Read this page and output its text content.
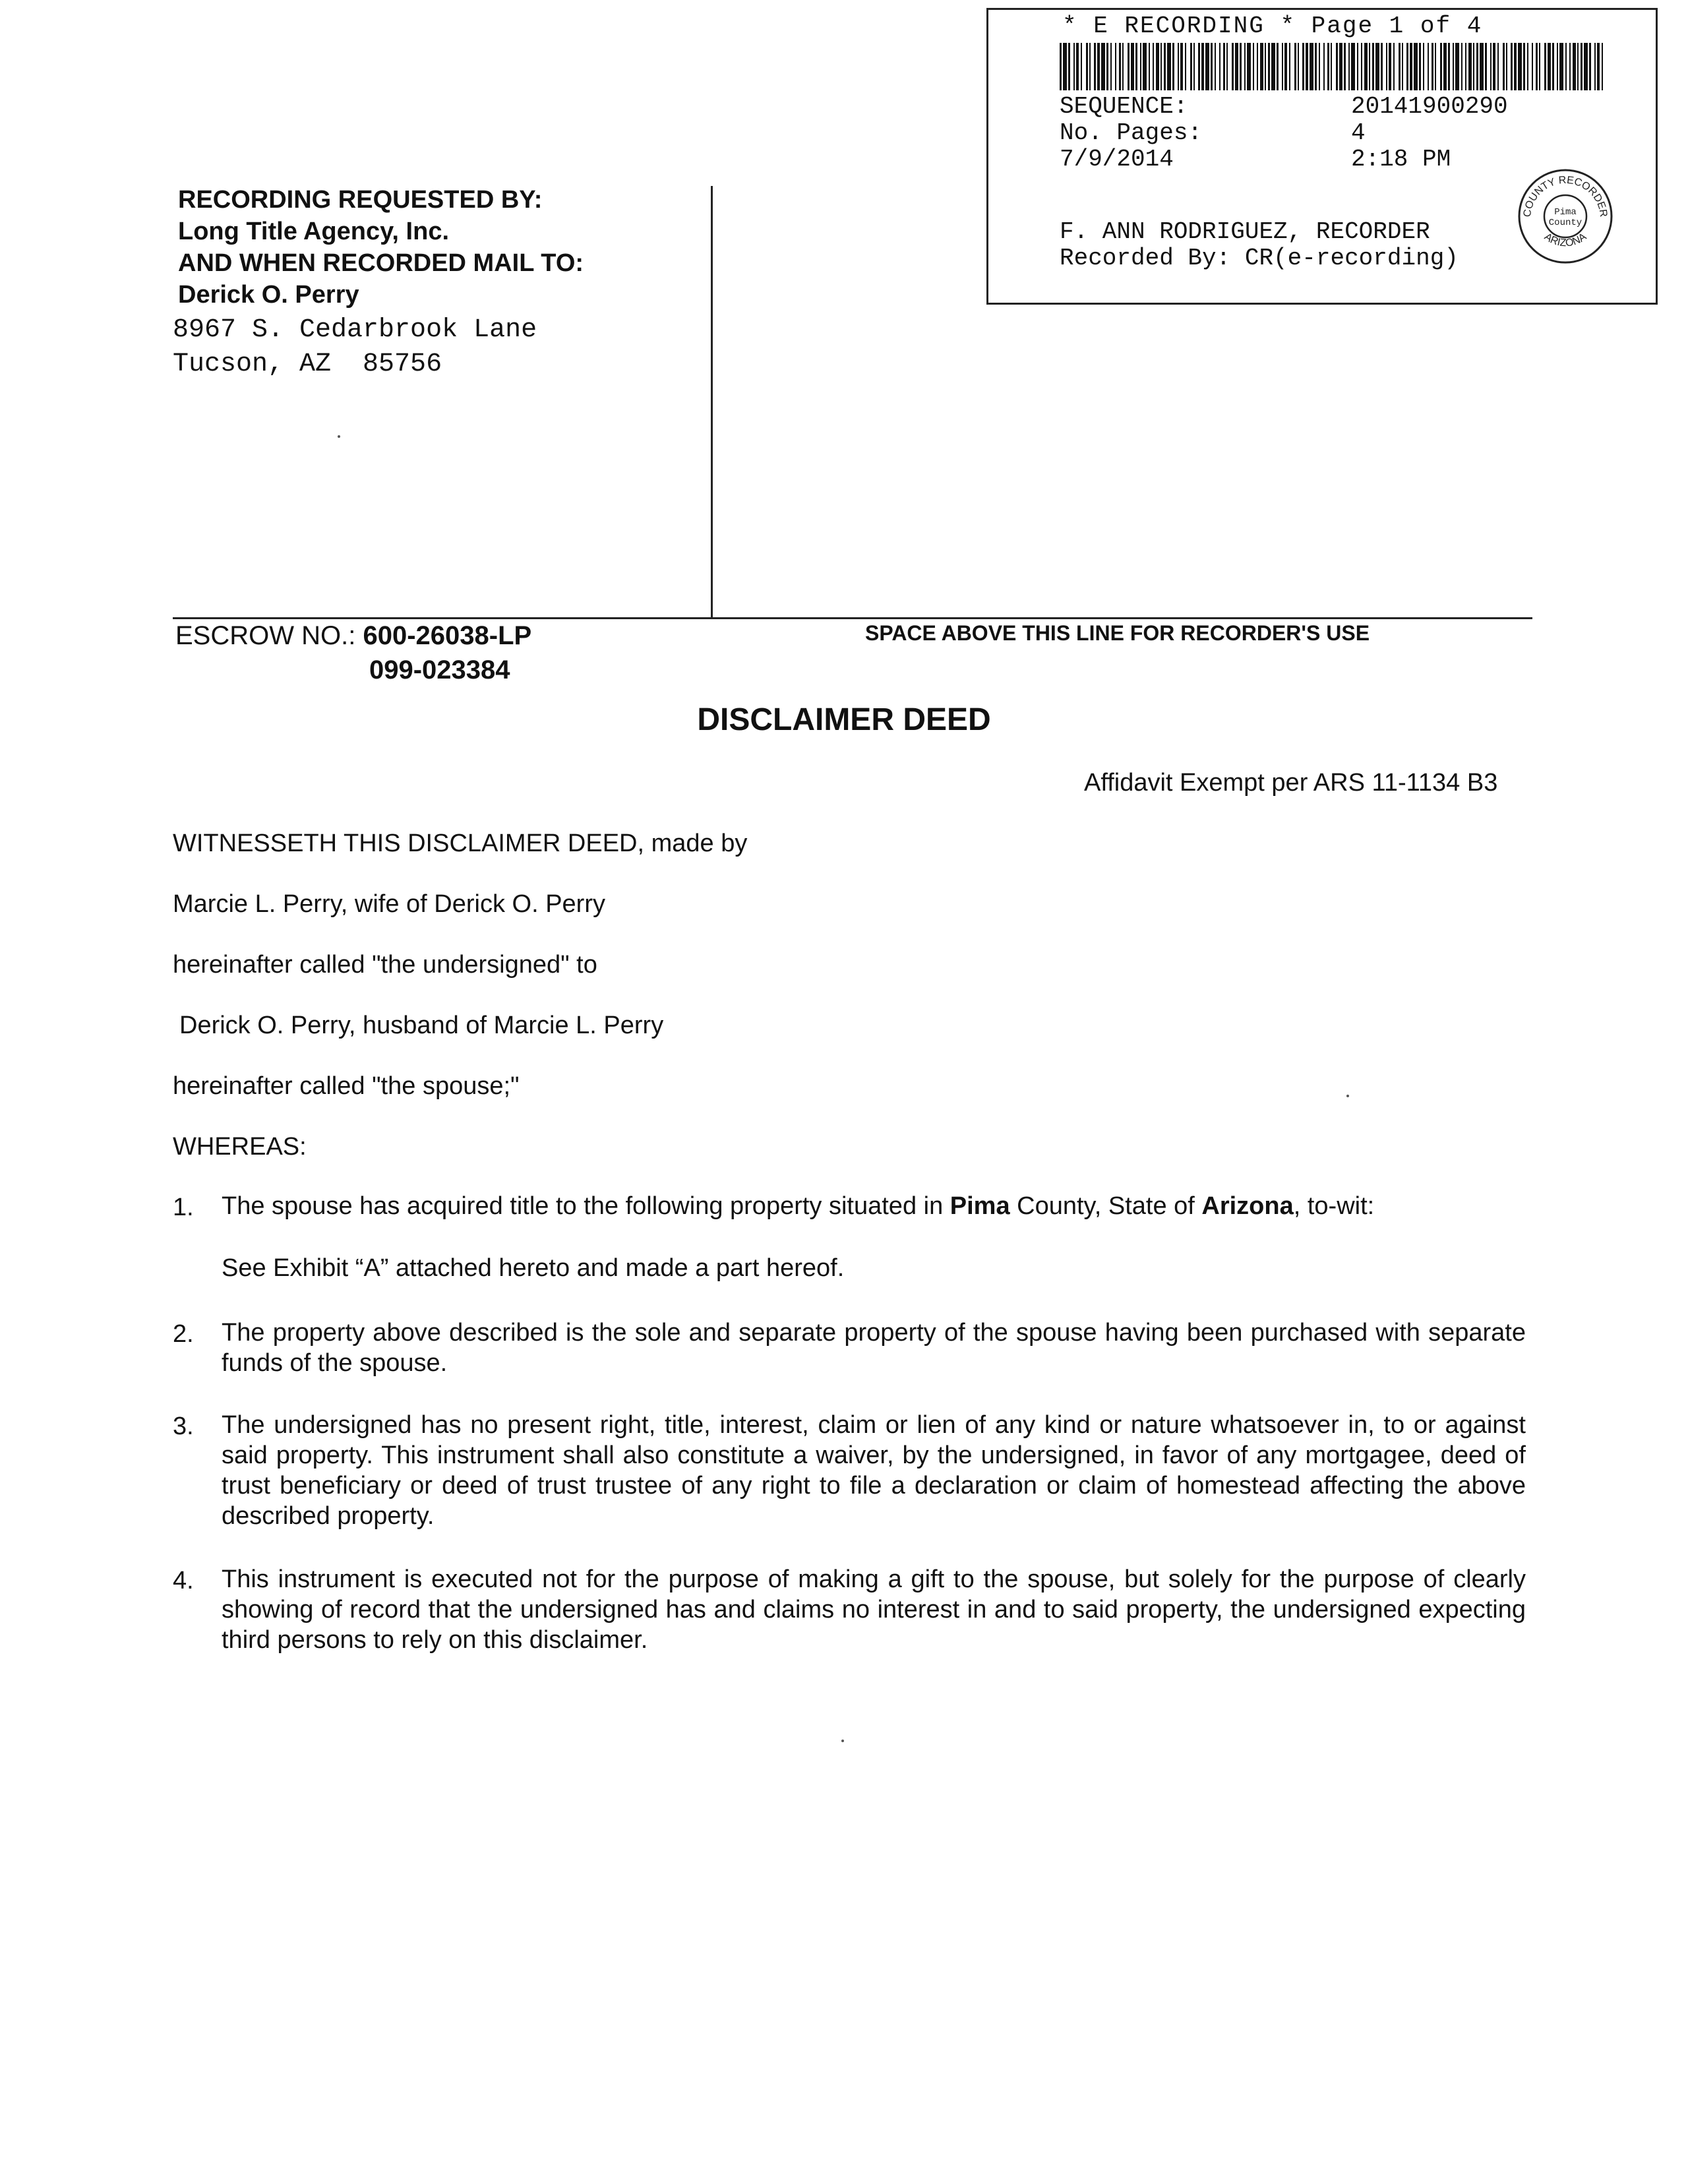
* E RECORDING * Page 1 of 4
SEQUENCE:	20141900290
No. Pages:	4
7/9/2014	2:18 PM
F. ANN RODRIGUEZ, RECORDER
Recorded By: CR(e-recording)
COUNTY RECORDER
ARIZONA
Pima
County
RECORDING REQUESTED BY:
Long Title Agency, Inc.
AND WHEN RECORDED MAIL TO:
Derick O. Perry
8967 S. Cedarbrook Lane
Tucson, AZ  85756
ESCROW NO.: 600-26038-LP
099-023384
SPACE ABOVE THIS LINE FOR RECORDER'S USE
DISCLAIMER DEED
Affidavit Exempt per ARS 11-1134 B3
WITNESSETH THIS DISCLAIMER DEED, made by
Marcie L. Perry, wife of Derick O. Perry
hereinafter called "the undersigned" to
Derick O. Perry, husband of Marcie L. Perry
hereinafter called "the spouse;"
WHEREAS:
1. The spouse has acquired title to the following property situated in Pima County, State of Arizona, to-wit:
See Exhibit “A” attached hereto and made a part hereof.
2. The property above described is the sole and separate property of the spouse having been purchased with separate funds of the spouse.
3. The undersigned has no present right, title, interest, claim or lien of any kind or nature whatsoever in, to or against said property. This instrument shall also constitute a waiver, by the undersigned, in favor of any mortgagee, deed of trust beneficiary or deed of trust trustee of any right to file a declaration or claim of homestead affecting the above described property.
4. This instrument is executed not for the purpose of making a gift to the spouse, but solely for the purpose of clearly showing of record that the undersigned has and claims no interest in and to said property, the undersigned expecting third persons to rely on this disclaimer.
